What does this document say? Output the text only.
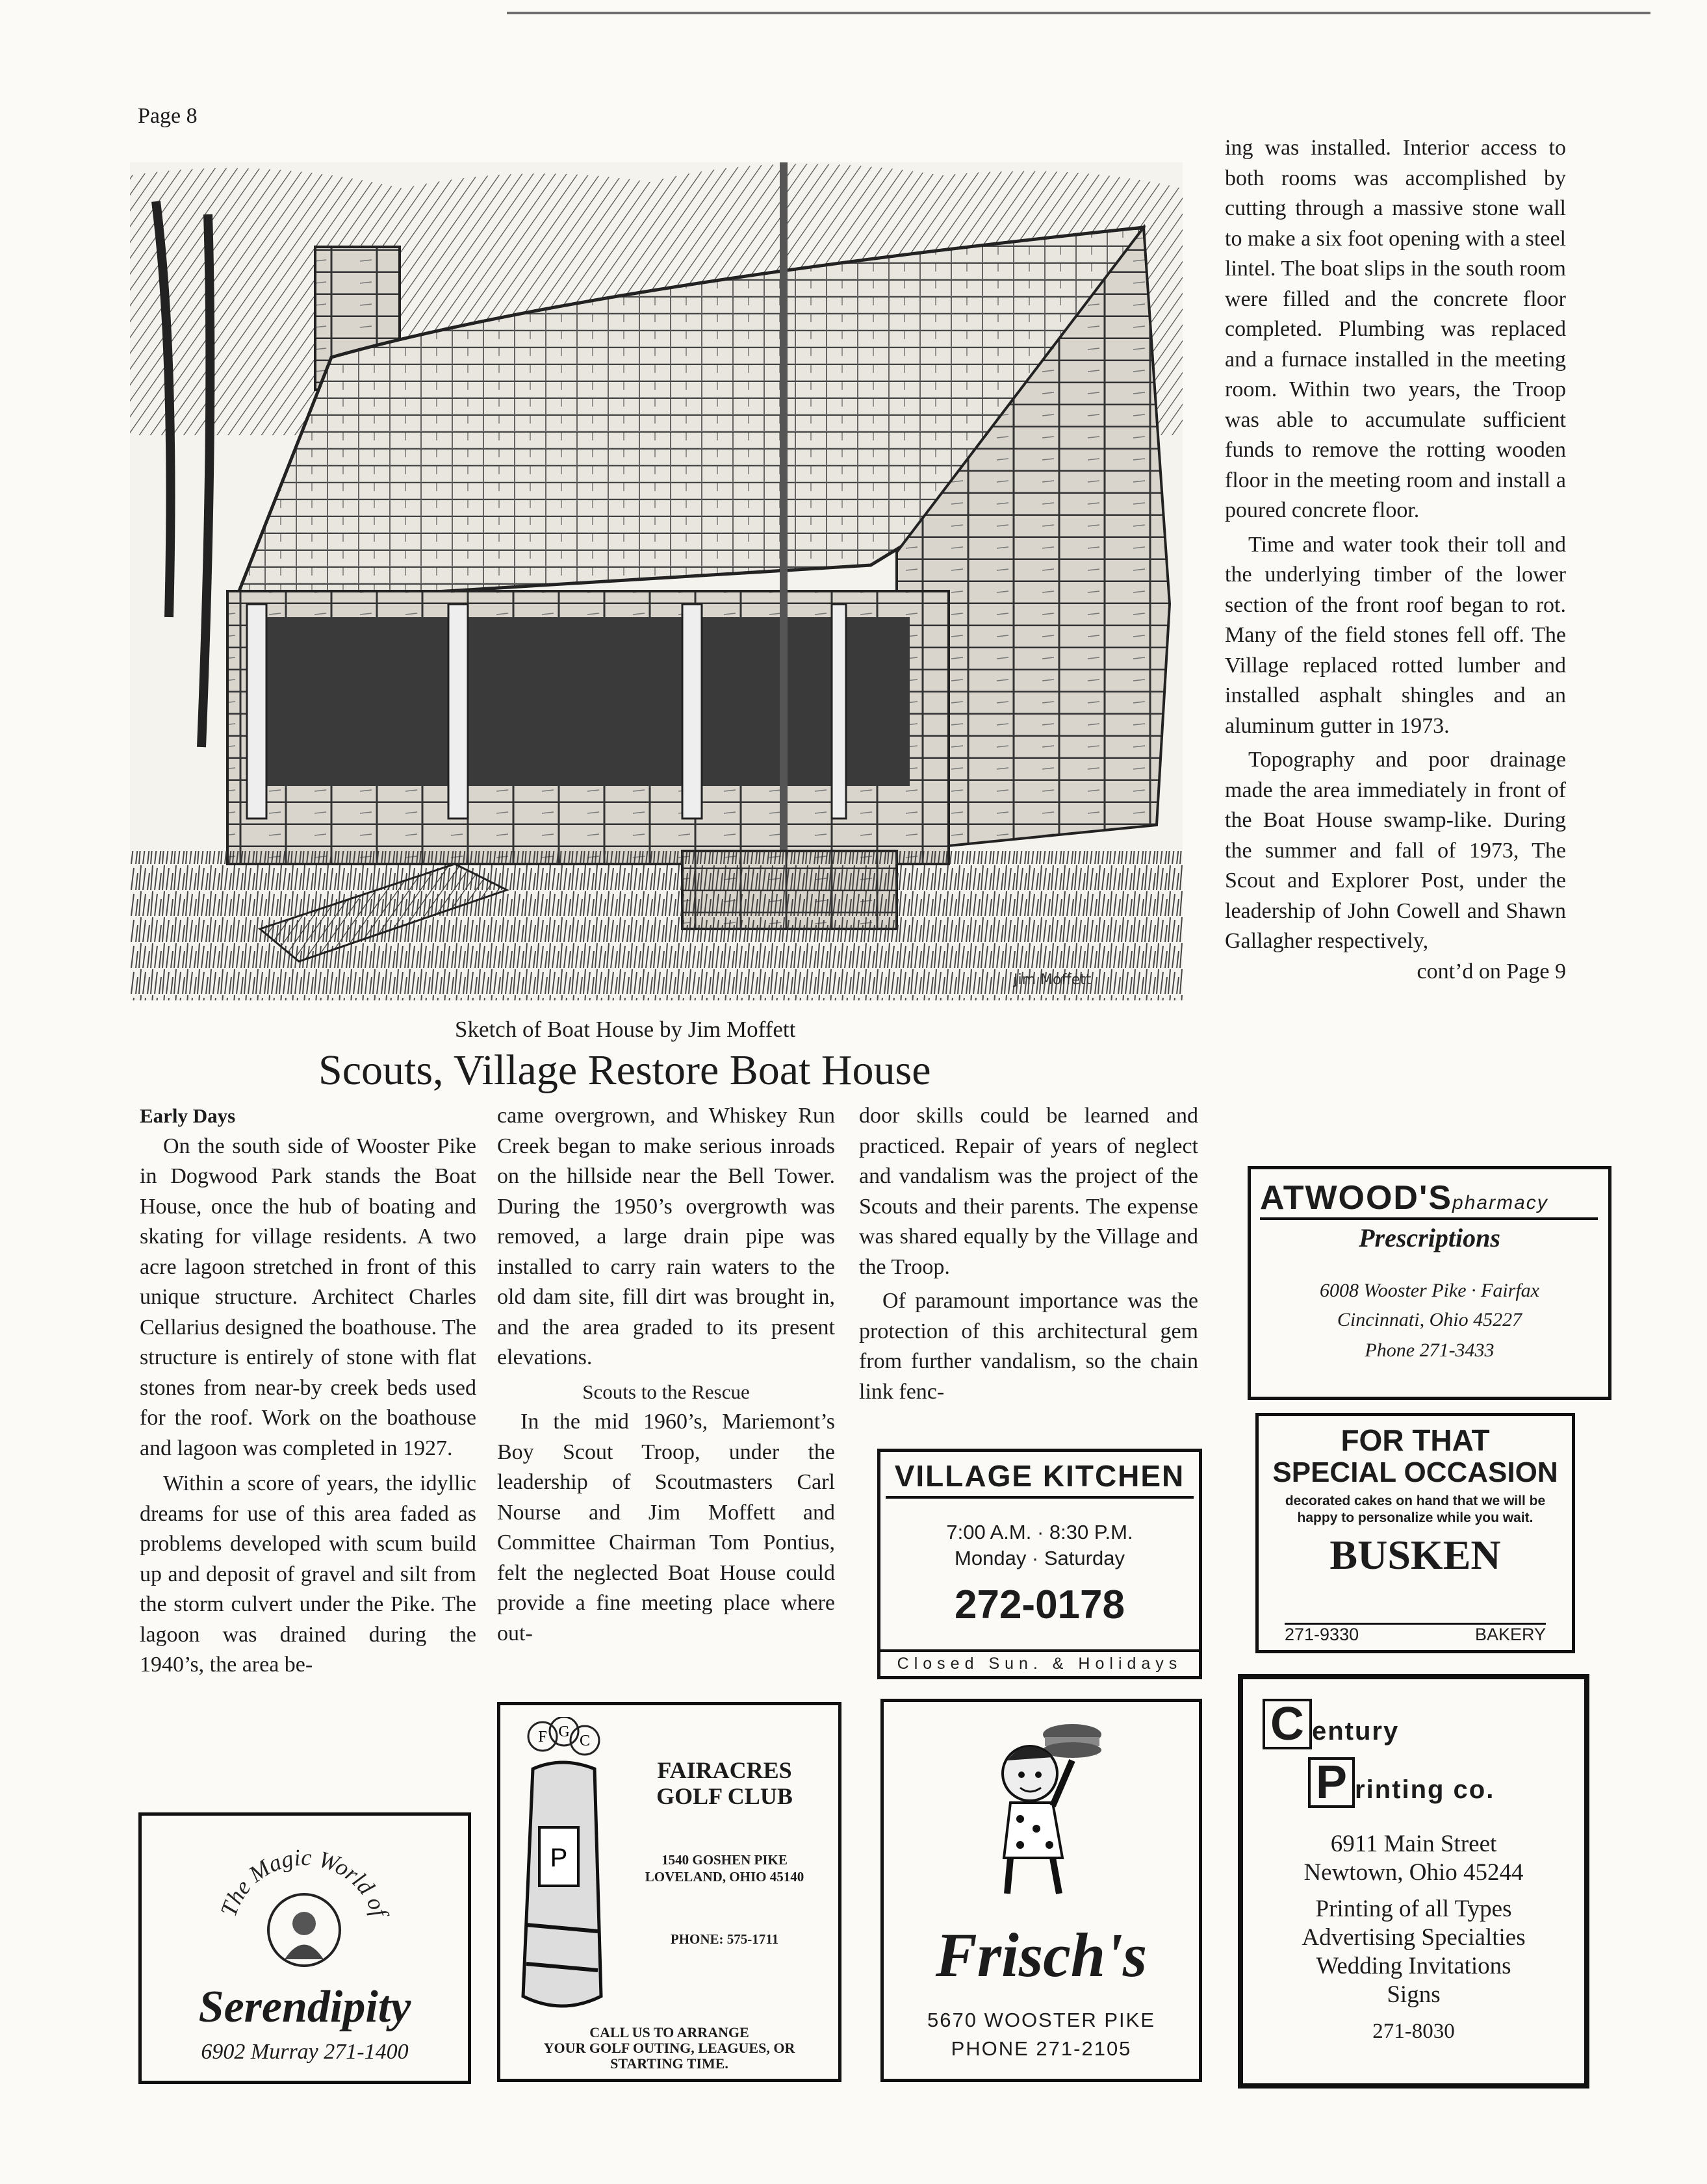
Page 8
Jim Moffett
Sketch of Boat House by Jim Moffett
Scouts, Village Restore Boat House

Early Days

On the south side of Wooster Pike in Dogwood Park stands the Boat House, once the hub of boating and skating for village residents. A two acre lagoon stretched in front of this unique structure. Architect Charles Cellarius designed the boathouse. The structure is entirely of stone with flat stones from near-by creek beds used for the roof. Work on the boathouse and lagoon was completed in 1927.

Within a score of years, the idyllic dreams for use of this area faded as problems developed with scum build up and deposit of gravel and silt from the storm culvert under the Pike. The lagoon was drained during the 1940’s, the area be-

came overgrown, and Whiskey Run Creek began to make serious inroads on the hillside near the Bell Tower. During the 1950’s overgrowth was removed, a large drain pipe was installed to carry rain waters to the old dam site, fill dirt was brought in, and the area graded to its present elevations.

Scouts to the Rescue

In the mid 1960’s, Mariemont’s Boy Scout Troop, under the leadership of Scoutmasters Carl Nourse and Jim Moffett and Committee Chairman Tom Pontius, felt the neglected Boat House could provide a fine meeting place where out-

door skills could be learned and practiced. Repair of years of neglect and vandalism was the project of the Scouts and their parents. The expense was shared equally by the Village and the Troop.

Of paramount importance was the protection of this architectural gem from further vandalism, so the chain link fenc-

ing was installed. Interior access to both rooms was accomplished by cutting through a massive stone wall to make a six foot opening with a steel lintel. The boat slips in the south room were filled and the concrete floor completed. Plumbing was replaced and a furnace installed in the meeting room. Within two years, the Troop was able to accumulate sufficient funds to remove the rotting wooden floor in the meeting room and install a poured concrete floor.

Time and water took their toll and the underlying timber of the lower section of the front roof began to rot. Many of the field stones fell off. The Village replaced rotted lumber and installed asphalt shingles and an aluminum gutter in 1973.

Topography and poor drainage made the area immediately in front of the Boat House swamp-like. During the summer and fall of 1973, The Scout and Explorer Post, under the leadership of John Cowell and Shawn Gallagher respectively,

cont’d on Page 9
ATWOOD'Spharmacy
Prescriptions
6008 Wooster Pike · Fairfax
Cincinnati, Ohio 45227
Phone 271-3433
FOR THAT
SPECIAL OCCASION
decorated cakes on hand that we will be happy to personalize while you wait.
BUSKEN
271-9330	BAKERY
VILLAGE KITCHEN
7:00 A.M. · 8:30 P.M.
Monday · Saturday
272-0178
Closed Sun. & Holidays
C entury
P rinting co.
6911 Main Street
Newtown, Ohio 45244
Printing of all Types
Advertising Specialties
Wedding Invitations
Signs
271-8030
The Magic World of
Serendipity
6902 Murray 271-1400
F G
C
P
FAIRACRES
GOLF CLUB
1540 GOSHEN PIKE
LOVELAND, OHIO 45140
PHONE: 575-1711
CALL US TO ARRANGE
YOUR GOLF OUTING, LEAGUES, OR
STARTING TIME.
Frisch's
5670 WOOSTER PIKE
PHONE 271-2105
